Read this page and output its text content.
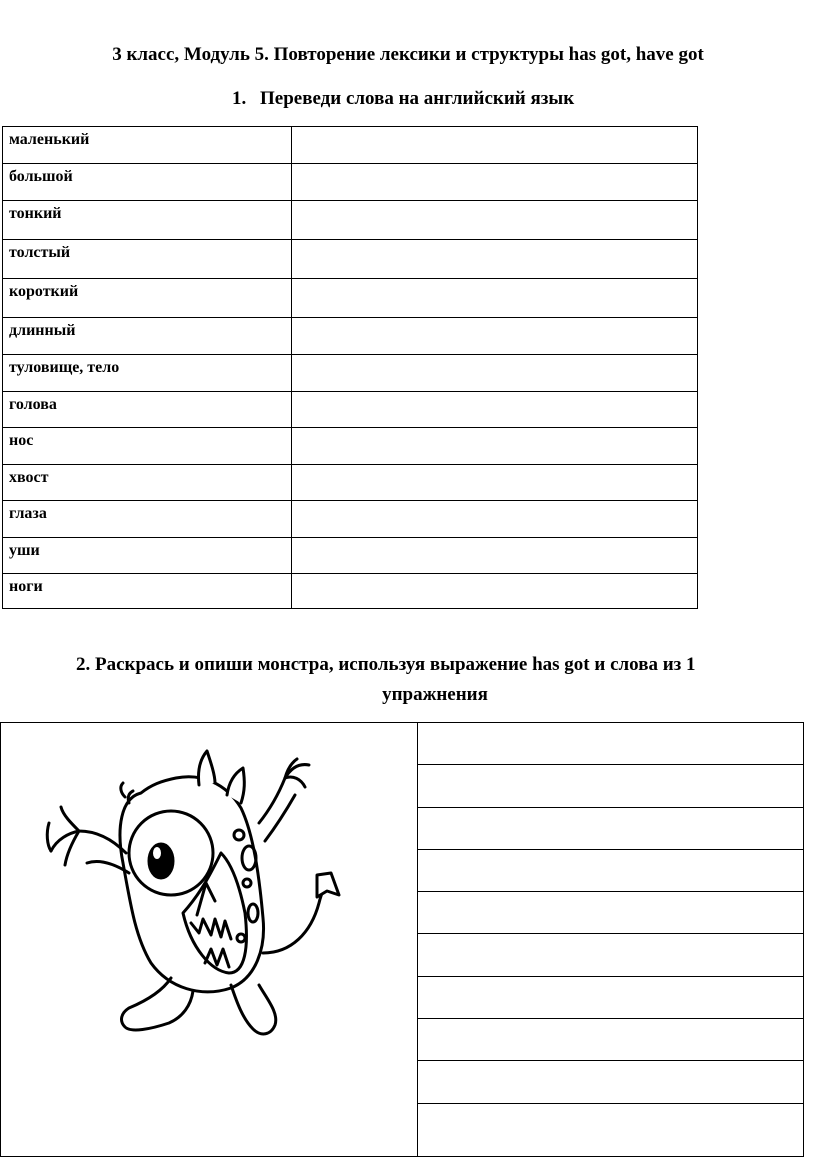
3 класс, Модуль 5. Повторение лексики и структуры has got, have got
1. Переведи слова на английский язык
маленький	
большой	
тонкий	
толстый	
короткий	
длинный	
туловище, тело	
голова	
нос	
хвост	
глаза	
уши	
ноги	
2. Раскрась и опиши монстра, используя выражение has got и слова из 1
упражнения
